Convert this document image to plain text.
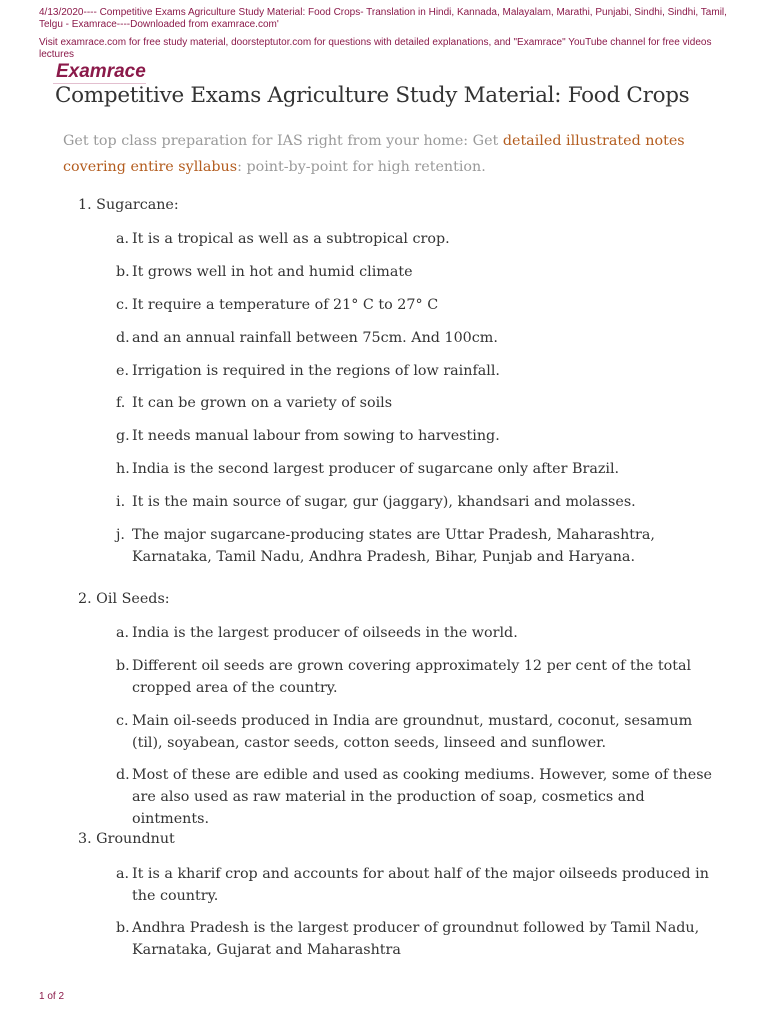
4/13/2020---- Competitive Exams Agriculture Study Material: Food Crops- Translation in Hindi, Kannada, Malayalam, Marathi, Punjabi, Sindhi, Sindhi, Tamil, Telgu - Examrace----Downloaded from examrace.com'
Visit examrace.com for free study material, doorsteptutor.com for questions with detailed explanations, and "Examrace" YouTube channel for free videos lectures
Examrace
Competitive Exams Agriculture Study Material: Food Crops
Get top class preparation for IAS right from your home: Get detailed illustrated notes covering entire syllabus: point-by-point for high retention.
1. Sugarcane:
a. It is a tropical as well as a subtropical crop.
b. It grows well in hot and humid climate
c. It require a temperature of 21° C to 27° C
d. and an annual rainfall between 75cm. And 100cm.
e. Irrigation is required in the regions of low rainfall.
f. It can be grown on a variety of soils
g. It needs manual labour from sowing to harvesting.
h. India is the second largest producer of sugarcane only after Brazil.
i. It is the main source of sugar, gur (jaggary), khandsari and molasses.
j. The major sugarcane-producing states are Uttar Pradesh, Maharashtra, Karnataka, Tamil Nadu, Andhra Pradesh, Bihar, Punjab and Haryana.
2. Oil Seeds:
a. India is the largest producer of oilseeds in the world.
b. Different oil seeds are grown covering approximately 12 per cent of the total cropped area of the country.
c. Main oil-seeds produced in India are groundnut, mustard, coconut, sesamum (til), soyabean, castor seeds, cotton seeds, linseed and sunflower.
d. Most of these are edible and used as cooking mediums. However, some of these are also used as raw material in the production of soap, cosmetics and ointments.
3. Groundnut
a. It is a kharif crop and accounts for about half of the major oilseeds produced in the country.
b. Andhra Pradesh is the largest producer of groundnut followed by Tamil Nadu, Karnataka, Gujarat and Maharashtra
1 of 2
